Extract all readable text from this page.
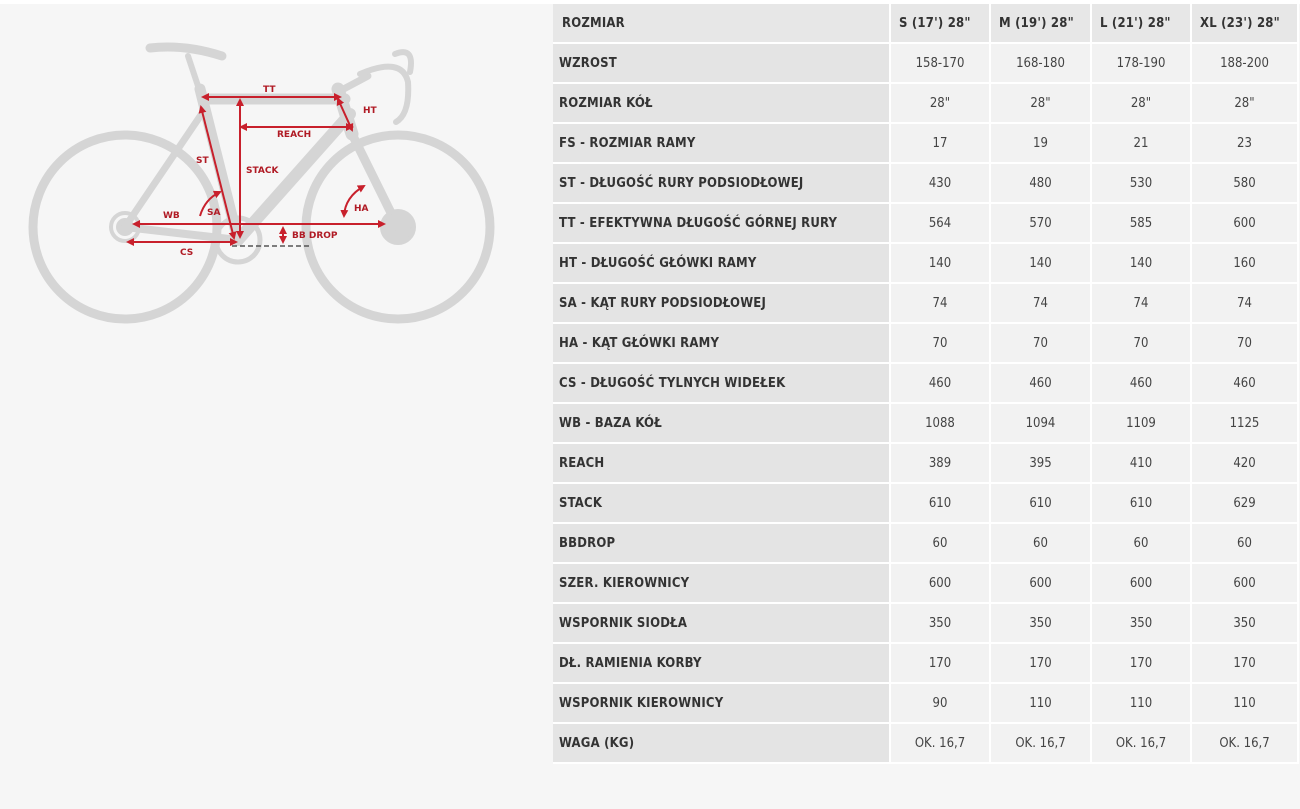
TT
HT
REACH
ST
STACK
WB	SA	HA
BB DROP
CS
ROZMIAR	S (17') 28"	M (19') 28"	L (21') 28"	XL (23') 28"
WZROST	158-170	168-180	178-190	188-200
ROZMIAR KÓŁ	28"	28"	28"	28"
FS - ROZMIAR RAMY	17	19	21	23
ST - DŁUGOŚĆ RURY PODSIODŁOWEJ	430	480	530	580
TT - EFEKTYWNA DŁUGOŚĆ GÓRNEJ RURY	564	570	585	600
HT - DŁUGOŚĆ GŁÓWKI RAMY	140	140	140	160
SA - KĄT RURY PODSIODŁOWEJ	74	74	74	74
HA - KĄT GŁÓWKI RAMY	70	70	70	70
CS - DŁUGOŚĆ TYLNYCH WIDEŁEK	460	460	460	460
WB - BAZA KÓŁ	1088	1094	1109	1125
REACH	389	395	410	420
STACK	610	610	610	629
BBDROP	60	60	60	60
SZER. KIEROWNICY	600	600	600	600
WSPORNIK SIODŁA	350	350	350	350
DŁ. RAMIENIA KORBY	170	170	170	170
WSPORNIK KIEROWNICY	90	110	110	110
WAGA (KG)	OK. 16,7	OK. 16,7	OK. 16,7	OK. 16,7
